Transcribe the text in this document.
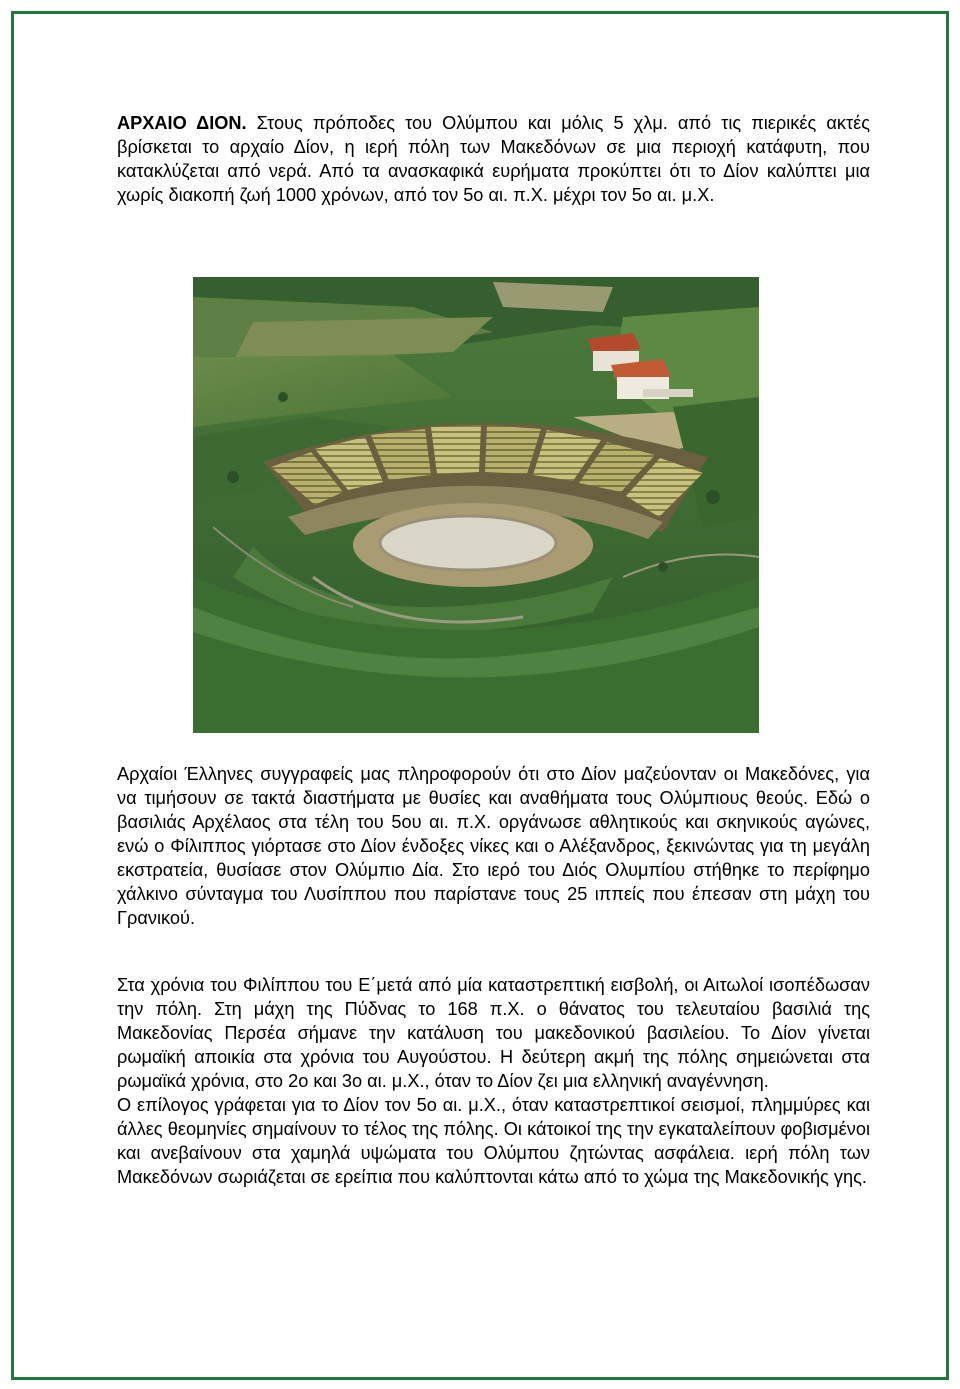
ΑΡΧΑΙΟ ΔΙΟΝ. Στους πρόποδες του Ολύμπου και μόλις 5 χλμ. από τις πιερικές ακτές βρίσκεται το αρχαίο Δίον, η ιερή πόλη των Μακεδόνων σε μια περιοχή κατάφυτη, που κατακλύζεται από νερά. Από τα ανασκαφικά ευρήματα προκύπτει ότι το Δίον καλύπτει μια χωρίς διακοπή ζωή 1000 χρόνων, από τον 5ο αι. π.Χ. μέχρι τον 5ο αι. μ.Χ.

Αρχαίοι Έλληνες συγγραφείς μας πληροφορούν ότι στο Δίον μαζεύονταν οι Μακεδόνες, για να τιμήσουν σε τακτά διαστήματα με θυσίες και αναθήματα τους Ολύμπιους θεούς. Εδώ ο βασιλιάς Αρχέλαος στα τέλη του 5ου αι. π.Χ. οργάνωσε αθλητικούς και σκηνικούς αγώνες, ενώ ο Φίλιππος γιόρτασε στο Δίον ένδοξες νίκες και ο Αλέξανδρος, ξεκινώντας για τη μεγάλη εκστρατεία, θυσίασε στον Ολύμπιο Δία. Στο ιερό του Διός Ολυμπίου στήθηκε το περίφημο χάλκινο σύνταγμα του Λυσίππου που παρίστανε τους 25 ιππείς που έπεσαν στη μάχη του Γρανικού.

Στα χρόνια του Φιλίππου του Ε΄μετά από μία καταστρεπτική εισβολή, οι Αιτωλοί ισοπέδωσαν την πόλη. Στη μάχη της Πύδνας το 168 π.Χ. ο θάνατος του τελευταίου βασιλιά της Μακεδονίας Περσέα σήμανε την κατάλυση του μακεδονικού βασιλείου. Το Δίον γίνεται ρωμαϊκή αποικία στα χρόνια του Αυγούστου. Η δεύτερη ακμή της πόλης σημειώνεται στα ρωμαϊκά χρόνια, στο 2ο και 3ο αι. μ.Χ., όταν το Δίον ζει μια ελληνική αναγέννηση.
Ο επίλογος γράφεται για το Δίον τον 5ο αι. μ.Χ., όταν καταστρεπτικοί σεισμοί, πλημμύρες και άλλες θεομηνίες σημαίνουν το τέλος της πόλης. Οι κάτοικοί της την εγκαταλείπουν φοβισμένοι και ανεβαίνουν στα χαμηλά υψώματα του Ολύμπου ζητώντας ασφάλεια. ιερή πόλη των Μακεδόνων σωριάζεται σε ερείπια που καλύπτονται κάτω από το χώμα της Μακεδονικής γης.
